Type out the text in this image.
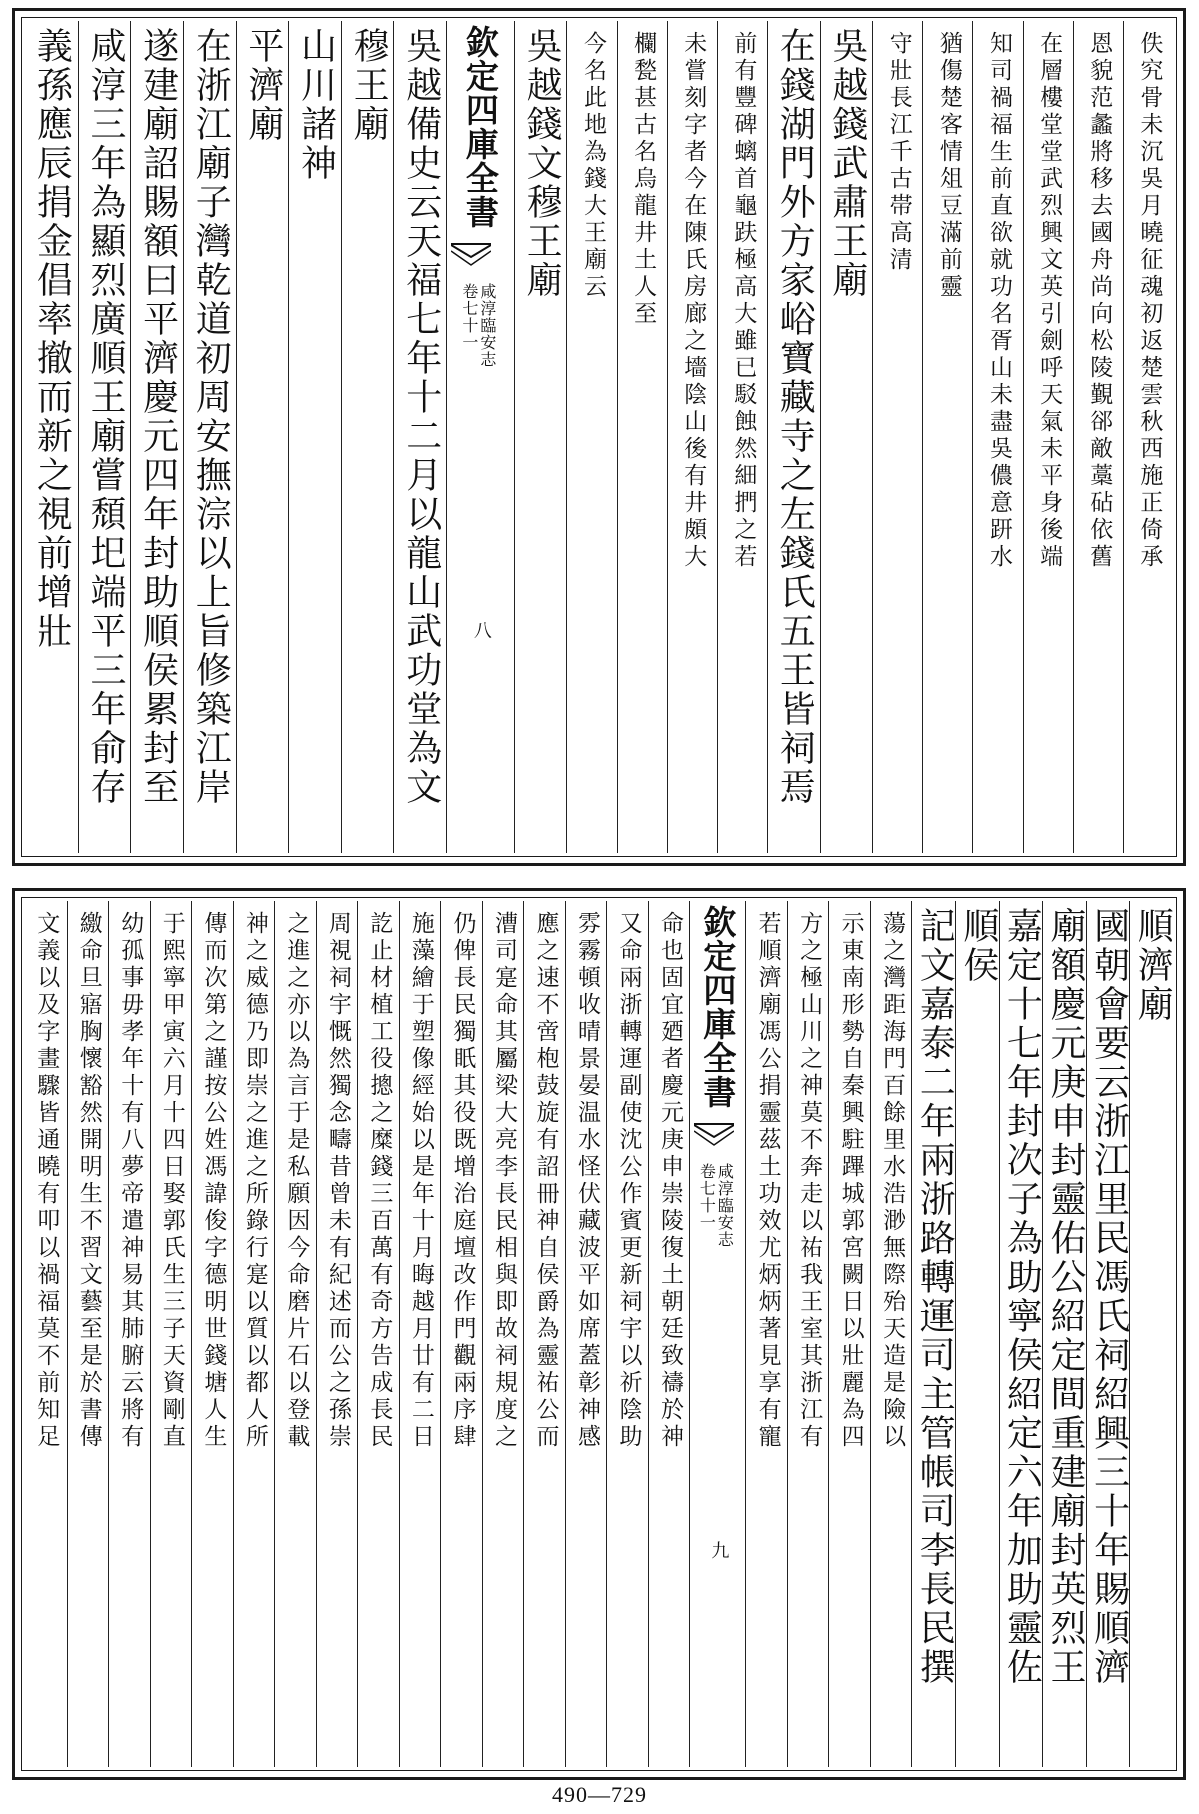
佚究骨未沉吳月曉征魂初返楚雲秋西施正倚承
恩貌范蠡將移去國舟尚向松陵覲郤敵藁砧依舊
在層樓堂堂武烈興文英引劍呼天氣未平身後端
知司禍福生前直欲就功名胥山未盡吳儂意趼水
猶傷楚客情俎豆滿前靈
守壯長江千古帯高清
吳越錢武肅王廟
在錢湖門外方家峪寶藏寺之左錢氏五王皆祠焉
前有豐碑螭首龜趺極高大雖已駁蝕然細捫之若
未嘗刻字者今在陳氏房廊之墻陰山後有井頗大
欄甃甚古名烏龍井土人至
今名此地為錢大王廟云
吳越錢文穆王廟
欽定四庫全書
咸淳臨安志
卷七十一
八
吳越備史云天福七年十二月以龍山武功堂為文
穆王廟
山川諸神
平濟廟
在浙江廟子灣乾道初周安撫淙以上旨修築江岸
遂建廟詔賜額曰平濟慶元四年封助順侯累封至
咸淳三年為顯烈廣順王廟嘗頹圯端平三年俞存
義孫應辰捐金倡率撤而新之視前增壯
順濟廟
國朝會要云浙江里民馮氏祠紹興三十年賜順濟
廟額慶元庚申封靈佑公紹定間重建廟封英烈王
嘉定十七年封次子為助寧侯紹定六年加助靈佐
順侯
記文嘉泰二年兩浙路轉運司主管帳司李長民撰
蕩之灣距海門百餘里水浩渺無際殆天造是險以
示東南形勢自秦興駐蹕城郭宮闕日以壯麗為四
方之極山川之神莫不奔走以祐我王室其浙江有
若順濟廟馮公捐靈茲土功效尤炳炳著見享有寵
欽定四庫全書
咸淳臨安志
卷七十一
九
命也固宜廼者慶元庚申崇陵復土朝廷致禱於神
又命兩浙轉運副使沈公作賓更新祠宇以祈陰助
雰霧頓收晴景晏温水怪伏藏波平如席蓋彰神感
應之速不啻枹鼓旋有詔冊神自侯爵為靈祐公而
漕司寔命其屬梁大亮李長民相與即故祠規度之
仍俾長民獨眂其役既增治庭壇改作門觀兩序肆
施藻繪于塑像經始以是年十月晦越月廿有二日
訖止材植工役摠之糜錢三百萬有奇方告成長民
周視祠宇慨然獨念疇昔曾未有紀述而公之孫崇
之進之亦以為言于是私願因今命磨片石以登載
神之威德乃即崇之進之所錄行寔以質以都人所
傳而次第之謹按公姓馮諱俊字德明世錢塘人生
于熙寧甲寅六月十四日娶郭氏生三子天資剛直
幼孤事毋孝年十有八夢帝遣神易其肺腑云將有
繳命旦寤胸懷豁然開明生不習文藝至是於書傳
文義以及字畫驟皆通曉有叩以禍福莫不前知足
490—729
